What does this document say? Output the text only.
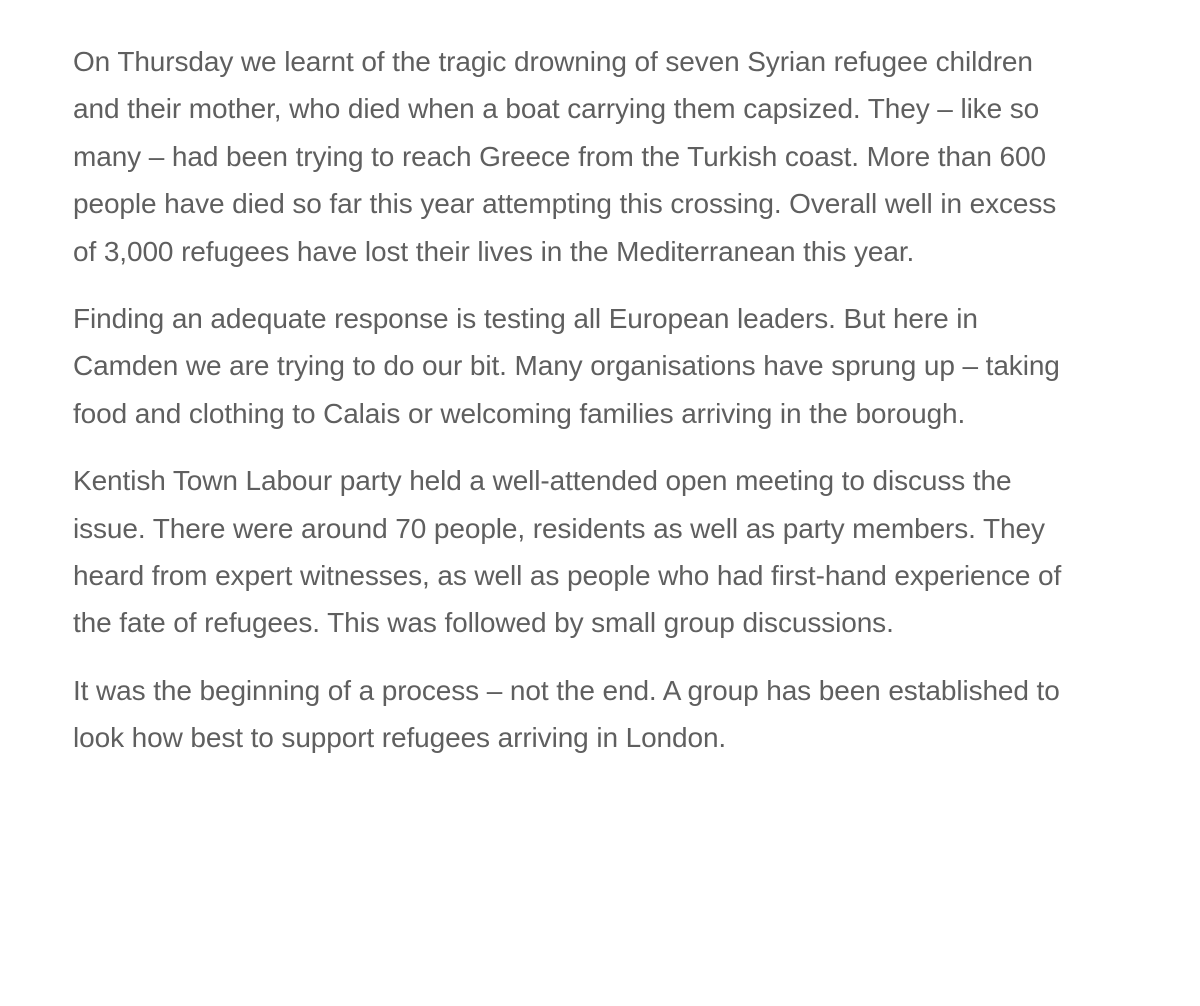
On Thursday we learnt of the tragic drowning of seven Syrian refugee children and their mother, who died when a boat carrying them capsized. They – like so many – had been trying to reach Greece from the Turkish coast. More than 600 people have died so far this year attempting this crossing. Overall well in excess of 3,000 refugees have lost their lives in the Mediterranean this year.

Finding an adequate response is testing all European leaders. But here in Camden we are trying to do our bit. Many organisations have sprung up – taking food and clothing to Calais or welcoming families arriving in the borough.

Kentish Town Labour party held a well-attended open meeting to discuss the issue. There were around 70 people, residents as well as party members. They heard from expert witnesses, as well as people who had first-hand experience of the fate of refugees. This was followed by small group discussions.

It was the beginning of a process – not the end. A group has been established to look how best to support refugees arriving in London.
